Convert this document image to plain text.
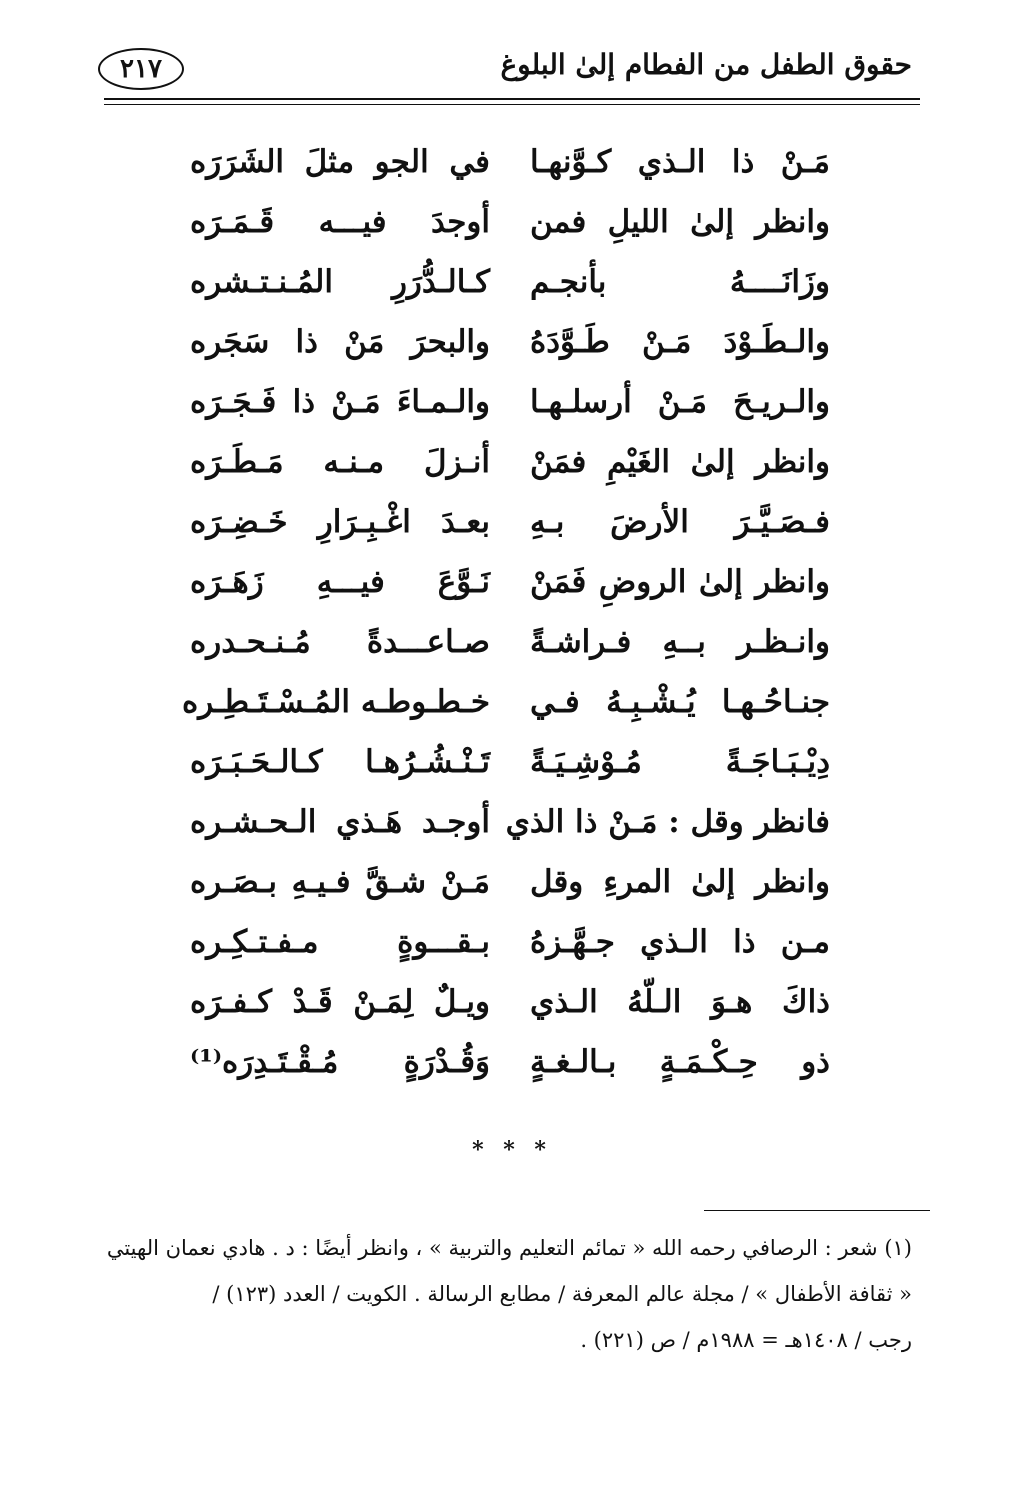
حقوق الطفل من الفطام إلىٰ البلوغ
٢١٧
مَـنْ ذا الـذي كـوَّنهـا
في الجو مثلَ الشَرَرَه
وانظر إلىٰ الليلِ فمن
أوجدَ فيـــه قَـمَـرَه
وزَانَــــهُ بأنجـم
كـالـدُّرَرِ المُـنـتـشره
والـطَـوْدَ مَـنْ طَـوَّدَهُ
والبحرَ مَنْ ذا سَجَره
والـريـحَ مَـنْ أرسلـهـا
والـمـاءَ مَـنْ ذا فَـجَـرَه
وانظر إلىٰ الغَيْمِ فمَنْ
أنـزلَ مـنـه مَـطَـرَه
فـصَـيَّـرَ الأرضَ بـهِ
بعـدَ اغْـبِـرَارِ خَـضِـرَه
وانظر إلىٰ الروضِ فَمَنْ
نَـوَّعَ فيـــهِ زَهَـرَه
وانـظـر بــهِ فـراشـةً
صـاعـــدةً مُـنـحـدره
جنـاحُـهـا يُـشْـبِـهُ فـي
خـطـوطـه المُـسْـتَـطِـره
دِيْـبَـاجَـةً مُـوْشِـيَـةً
تَـنْـشُـرُهـا كـالـحَـبَـرَه
فانظر وقل : مَـنْ ذا الذي
أوجـد هَـذي الـحـشـره
وانظر إلىٰ المرءِ وقل
مَـنْ شـقَّ فـيـهِ بـصَـره
مـن ذا الـذي جـهَّـزهُ
بـقـــوةٍ مـفـتـكِـره
ذاكَ هـوَ الـلّهُ الـذي
ويـلٌ لِمَـنْ قَـدْ كـفـرَه
ذو حِـكْـمَـةٍ بـالـغـةٍ
وَقُـدْرَةٍ مُـقْـتَـدِرَه⁽¹⁾
* * *
(١) شعر : الرصافي رحمه الله « تمائم التعليم والتربية » ، وانظر أيضًا : د . هادي نعمان الهيتي
« ثقافة الأطفال » / مجلة عالم المعرفة / مطابع الرسالة . الكويت / العدد (١٢٣) /
رجب / ١٤٠٨هـ = ١٩٨٨م / ص (٢٢١) .
